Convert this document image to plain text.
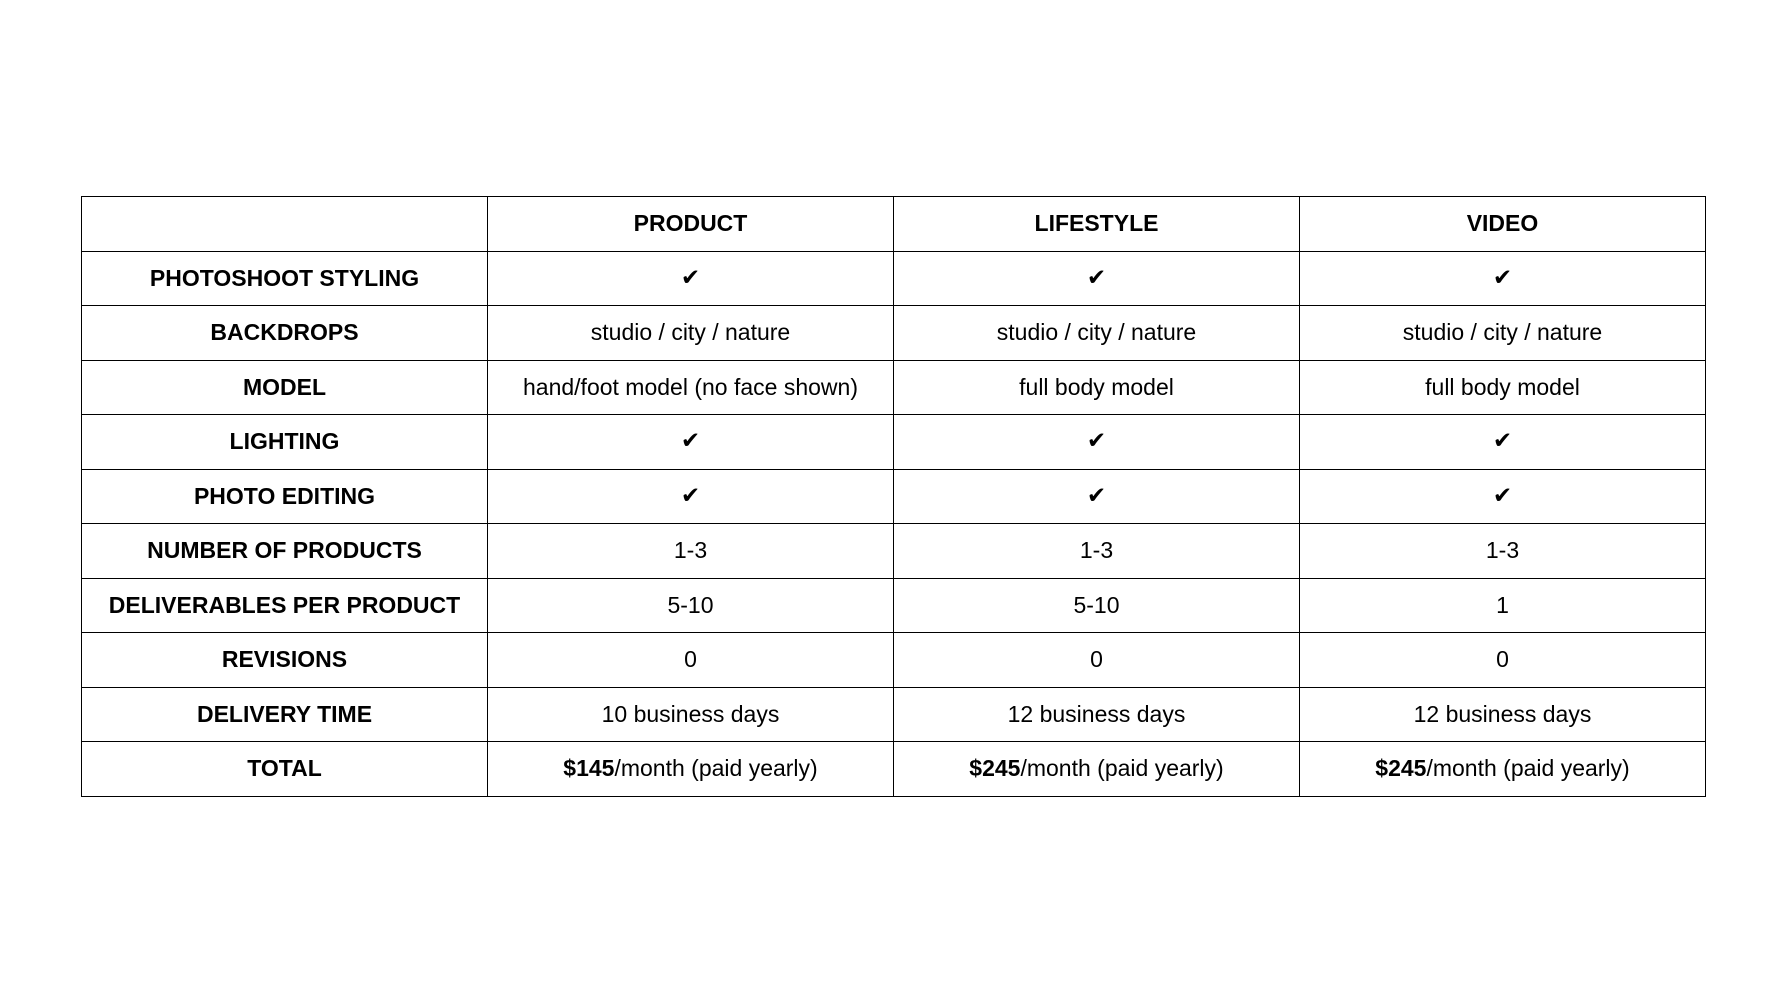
	PRODUCT	LIFESTYLE	VIDEO
PHOTOSHOOT STYLING	✔	✔	✔
BACKDROPS	studio / city / nature	studio / city / nature	studio / city / nature
MODEL	hand/foot model (no face shown)	full body model	full body model
LIGHTING	✔	✔	✔
PHOTO EDITING	✔	✔	✔
NUMBER OF PRODUCTS	1-3	1-3	1-3
DELIVERABLES PER PRODUCT	5-10	5-10	1
REVISIONS	0	0	0
DELIVERY TIME	10 business days	12 business days	12 business days
TOTAL	$145/month (paid yearly)	$245/month (paid yearly)	$245/month (paid yearly)
